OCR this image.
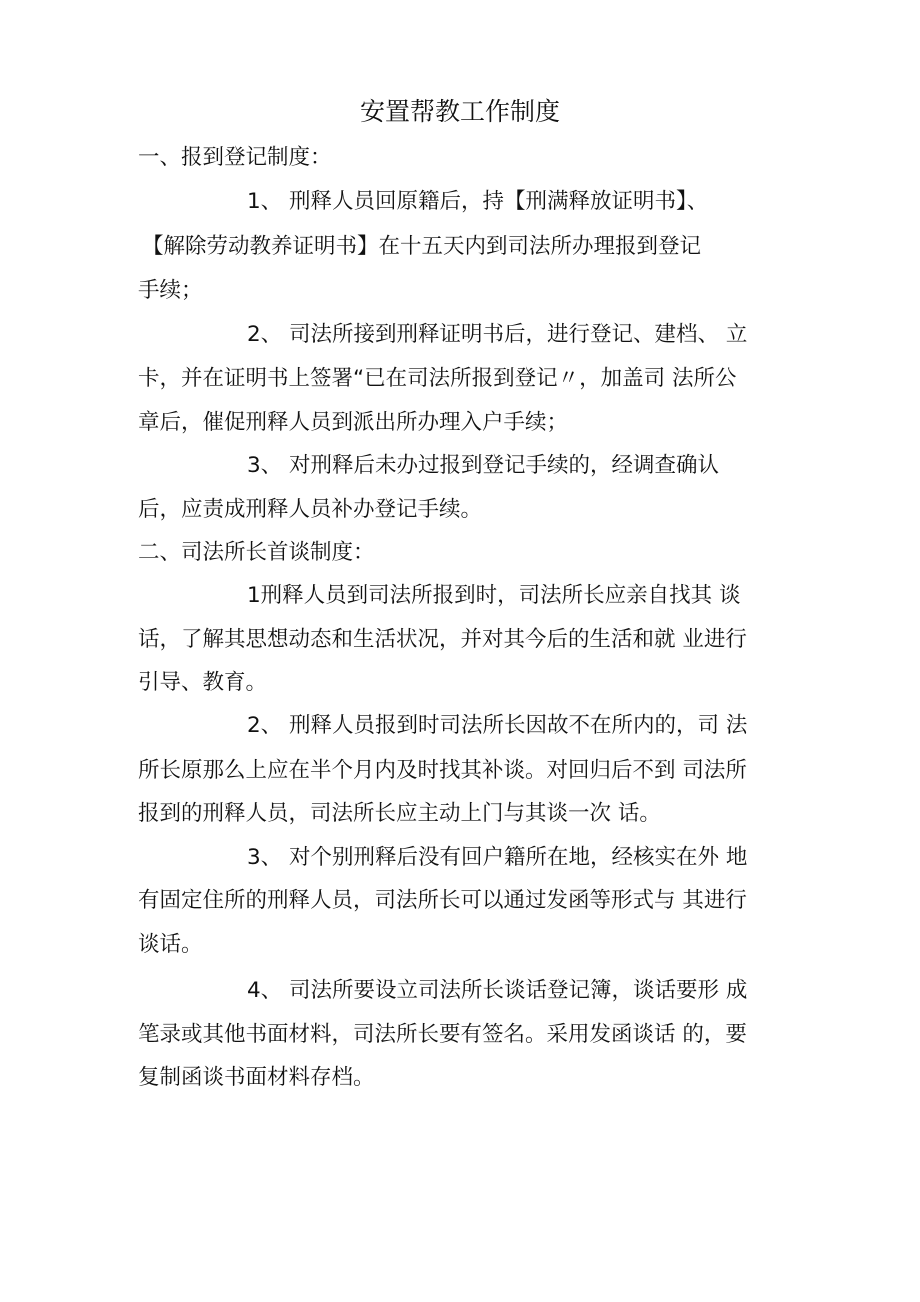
安置帮教工作制度
一、报到登记制度：
1、 刑释人员回原籍后，持【刑满释放证明书】、
【解除劳动教养证明书】在十五天内到司法所办理报到登记
手续；
2、 司法所接到刑释证明书后，进行登记、建档、 立
卡，并在证明书上签署“已在司法所报到登记〃，加盖司 法所公
章后，催促刑释人员到派出所办理入户手续；
3、 对刑释后未办过报到登记手续的，经调查确认
后，应责成刑释人员补办登记手续。
二、司法所长首谈制度：
1刑释人员到司法所报到时，司法所长应亲自找其 谈
话，了解其思想动态和生活状况，并对其今后的生活和就 业进行
引导、教育。
2、 刑释人员报到时司法所长因故不在所内的，司 法
所长原那么上应在半个月内及时找其补谈。对回归后不到 司法所
报到的刑释人员，司法所长应主动上门与其谈一次 话。
3、 对个别刑释后没有回户籍所在地，经核实在外 地
有固定住所的刑释人员，司法所长可以通过发函等形式与 其进行
谈话。
4、 司法所要设立司法所长谈话登记簿，谈话要形 成
笔录或其他书面材料，司法所长要有签名。采用发函谈话 的，要
复制函谈书面材料存档。
